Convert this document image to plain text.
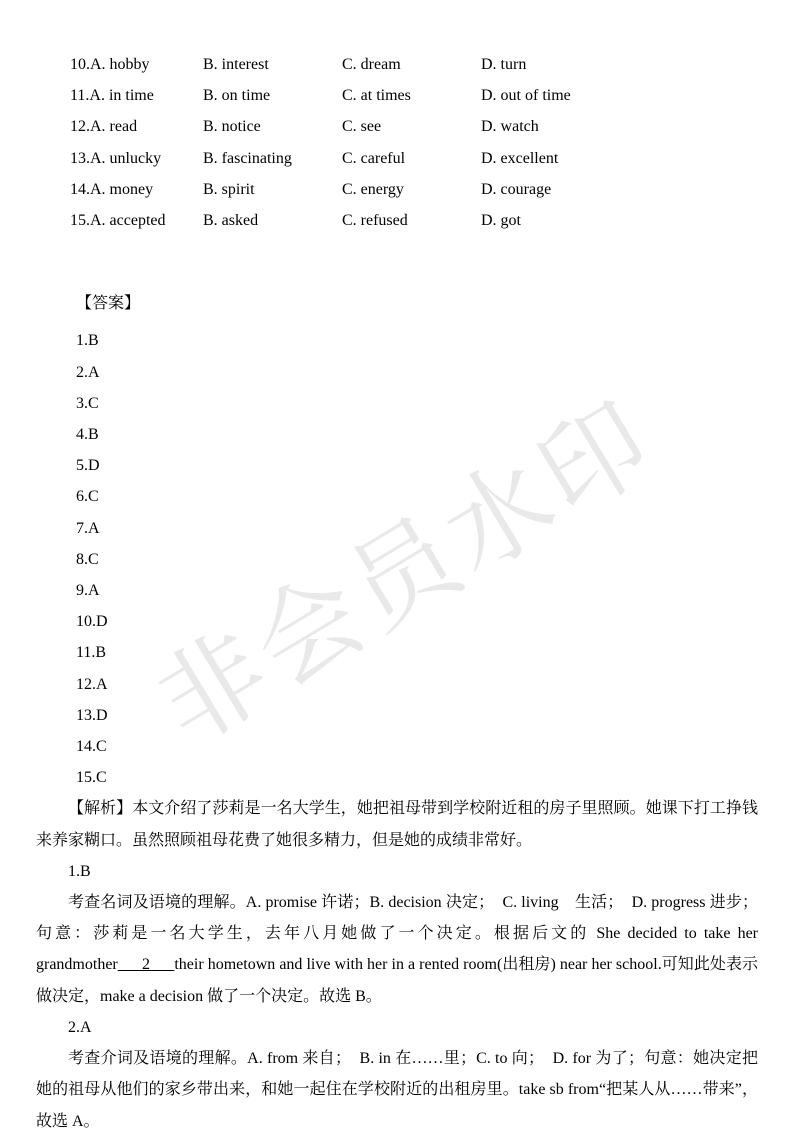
非会员水印
10.A. hobby	B. interest	C. dream	D. turn
11.A. in time	B. on time	C. at times	D. out of time
12.A. read	B. notice	C. see	D. watch
13.A. unlucky	B. fascinating	C. careful	D. excellent
14.A. money	B. spirit	C. energy	D. courage
15.A. accepted	B. asked	C. refused	D. got
【答案】
1.B
2.A
3.C
4.B
5.D
6.C
7.A
8.C
9.A
10.D
11.B
12.A
13.D
14.C
15.C

【解析】本文介绍了莎莉是一名大学生，她把祖母带到学校附近租的房子里照顾。她课下打工挣钱来养家糊口。虽然照顾祖母花费了她很多精力，但是她的成绩非常好。

1.B

考查名词及语境的理解。A. promise 许诺；B. decision 决定；　C. living　生活；　D. progress 进步；句意：莎莉是一名大学生，去年八月她做了一个决定。根据后文的 She decided to take her grandmother      2      their hometown and live with her in a rented room(出租房) near her school.可知此处表示做决定，make a decision 做了一个决定。故选 B。

2.A

考查介词及语境的理解。A. from 来自；　B. in 在……里；C. to 向；　D. for 为了；句意：她决定把她的祖母从他们的家乡带出来，和她一起住在学校附近的出租房里。take sb from“把某人从……带来”，故选 A。
